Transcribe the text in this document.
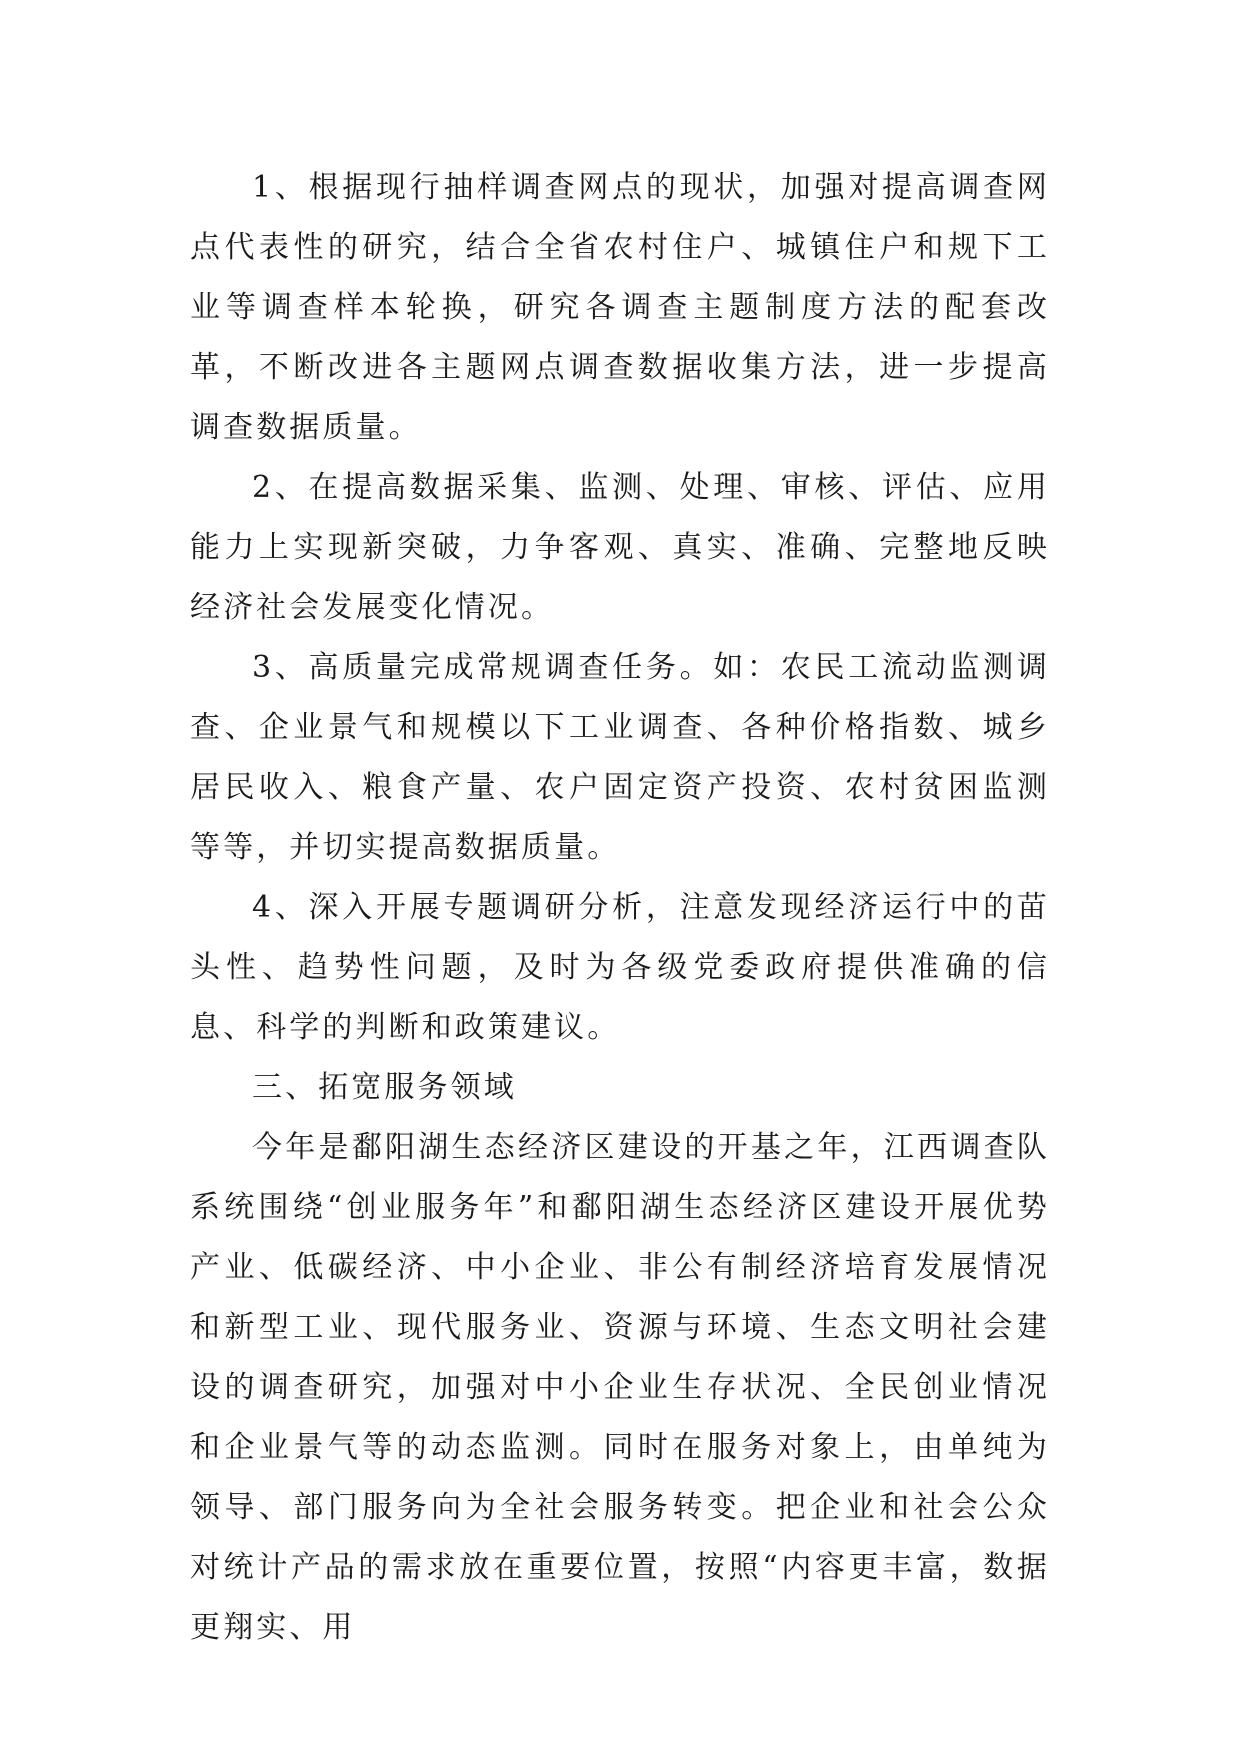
1、根据现行抽样调查网点的现状，加强对提高调查网点代表性的研究，结合全省农村住户、城镇住户和规下工业等调查样本轮换，研究各调查主题制度方法的配套改革，不断改进各主题网点调查数据收集方法，进一步提高调查数据质量。

2、在提高数据采集、监测、处理、审核、评估、应用能力上实现新突破，力争客观、真实、准确、完整地反映经济社会发展变化情况。

3、高质量完成常规调查任务。如：农民工流动监测调查、企业景气和规模以下工业调查、各种价格指数、城乡居民收入、粮食产量、农户固定资产投资、农村贫困监测等等，并切实提高数据质量。

4、深入开展专题调研分析，注意发现经济运行中的苗头性、趋势性问题，及时为各级党委政府提供准确的信息、科学的判断和政策建议。

三、拓宽服务领域

今年是鄱阳湖生态经济区建设的开基之年，江西调查队系统围绕“创业服务年”和鄱阳湖生态经济区建设开展优势产业、低碳经济、中小企业、非公有制经济培育发展情况和新型工业、现代服务业、资源与环境、生态文明社会建设的调查研究，加强对中小企业生存状况、全民创业情况和企业景气等的动态监测。同时在服务对象上，由单纯为领导、部门服务向为全社会服务转变。把企业和社会公众对统计产品的需求放在重要位置，按照“内容更丰富，数据更翔实、用
